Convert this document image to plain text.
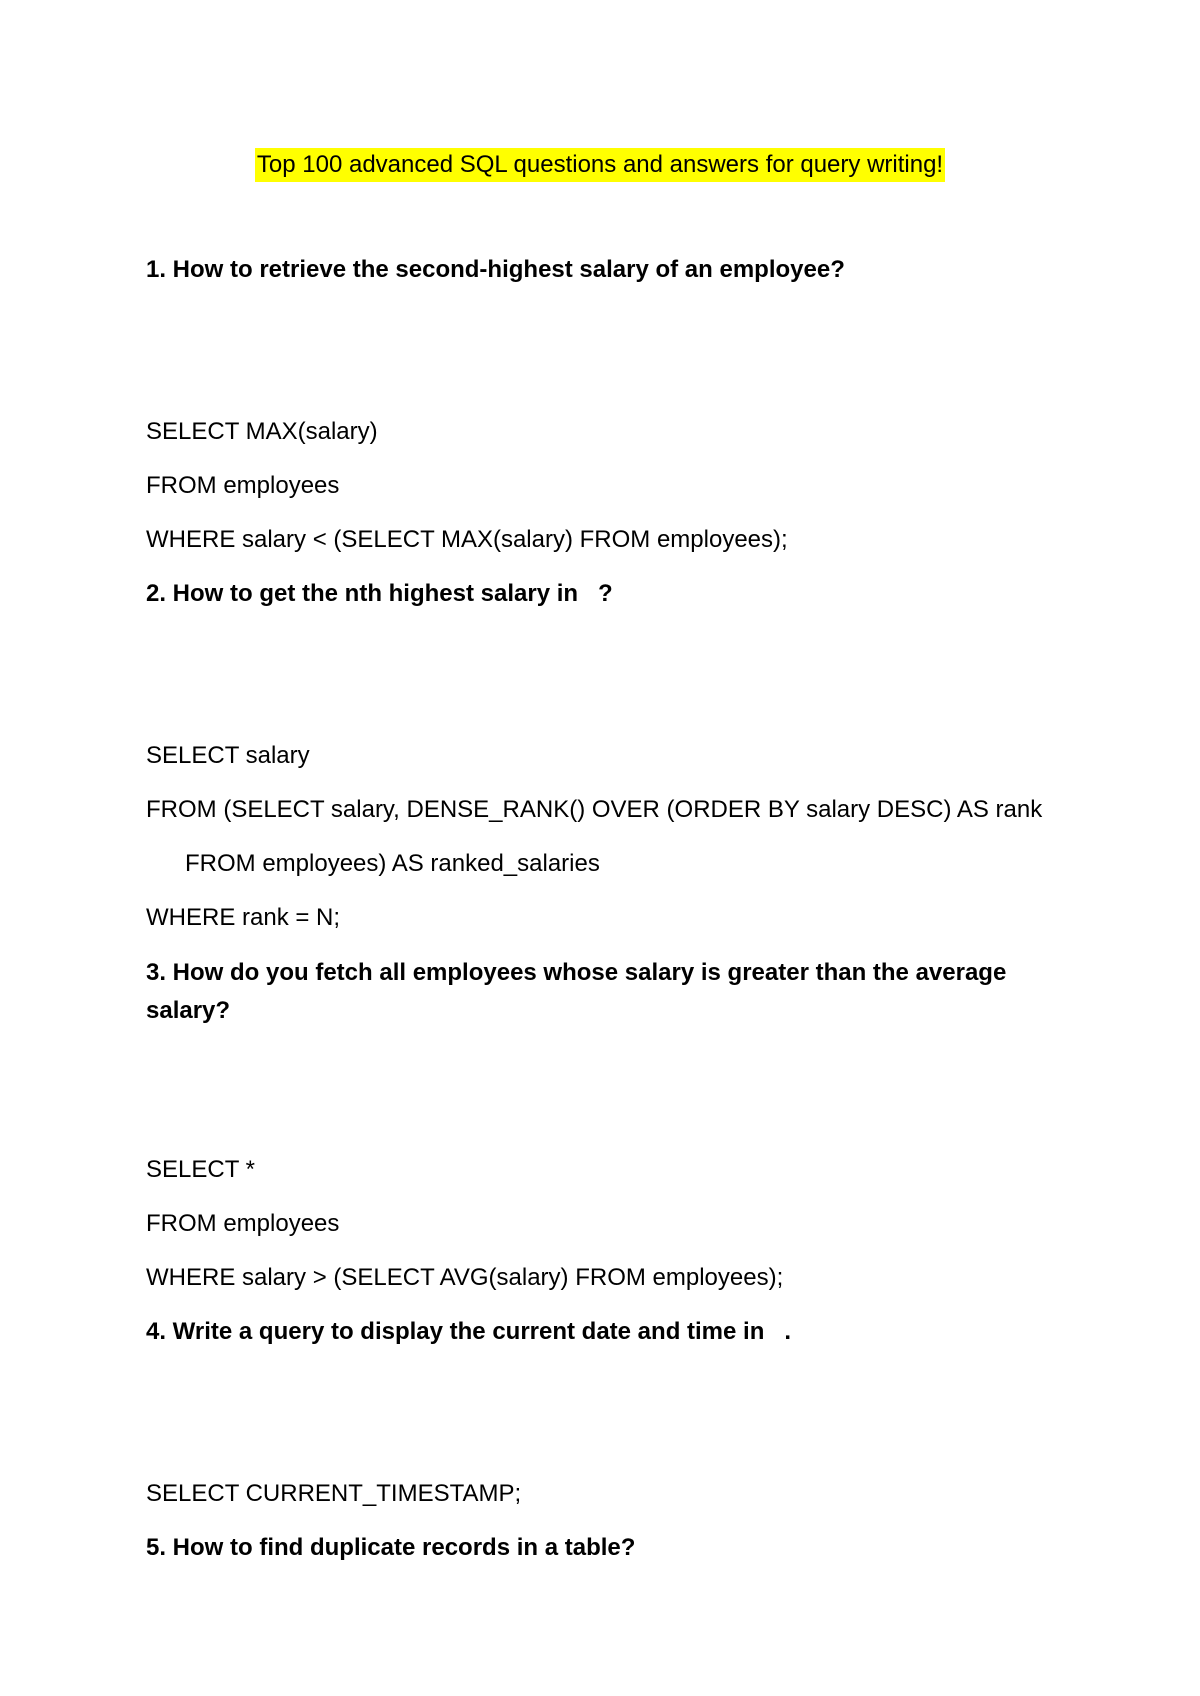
Top 100 advanced SQL questions and answers for query writing!
1. How to retrieve the second-highest salary of an employee?
SELECT MAX(salary)
FROM employees
WHERE salary < (SELECT MAX(salary) FROM employees);
2. How to get the nth highest salary in   ?
SELECT salary
FROM (SELECT salary, DENSE_RANK() OVER (ORDER BY salary DESC) AS rank
FROM employees) AS ranked_salaries
WHERE rank = N;
3. How do you fetch all employees whose salary is greater than the average salary?
SELECT *
FROM employees
WHERE salary > (SELECT AVG(salary) FROM employees);
4. Write a query to display the current date and time in   .
SELECT CURRENT_TIMESTAMP;
5. How to find duplicate records in a table?
